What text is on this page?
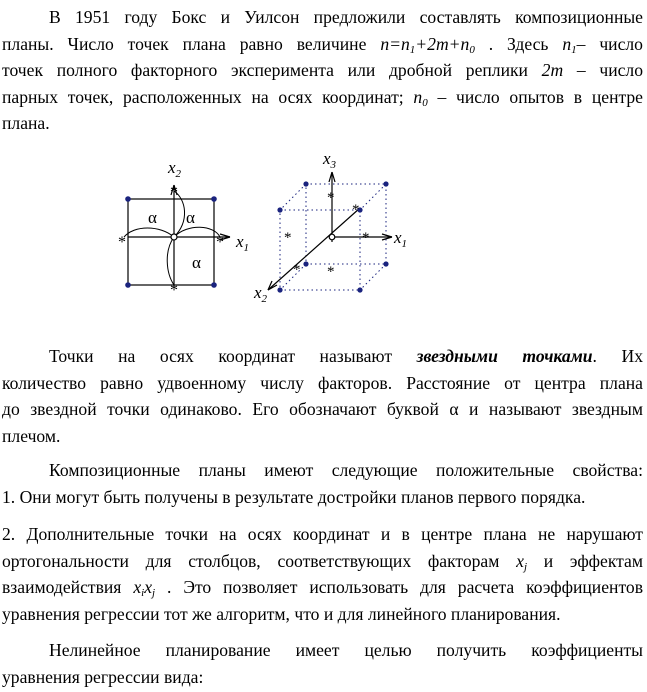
В 1951 году Бокс и Уилсон предложили составлять композиционные
планы. Число точек плана равно величине $n=n_1+2m+n_0$ . Здесь $n_1-$ число
точек полного факторного эксперимента или дробной реплики 2m – число
парных точек, расположенных на осях координат; $n_0$ – число опытов в центре
плана.
*
*
*	*
α α
α
$x_2$
$x_1$
*
*
*	*
*
*
$x_3$
$x_1$
$x_2$
Точки на осях координат называют звездными точками. Их
количество равно удвоенному числу факторов. Расстояние от центра плана
до звездной точки одинаково. Его обозначают буквой α и называют звездным
плечом.
Композиционные планы имеют следующие положительные свойства:
1. Они могут быть получены в результате достройки планов первого порядка.
2. Дополнительные точки на осях координат и в центре плана не нарушают
ортогональности для столбцов, соответствующих факторам $x_j$ и эффектам
взаимодействия $x_ix_j$ . Это позволяет использовать для расчета коэффициентов
уравнения регрессии тот же алгоритм, что и для линейного планирования.
Нелинейное планирование имеет целью получить коэффициенты
уравнения регрессии вида:
